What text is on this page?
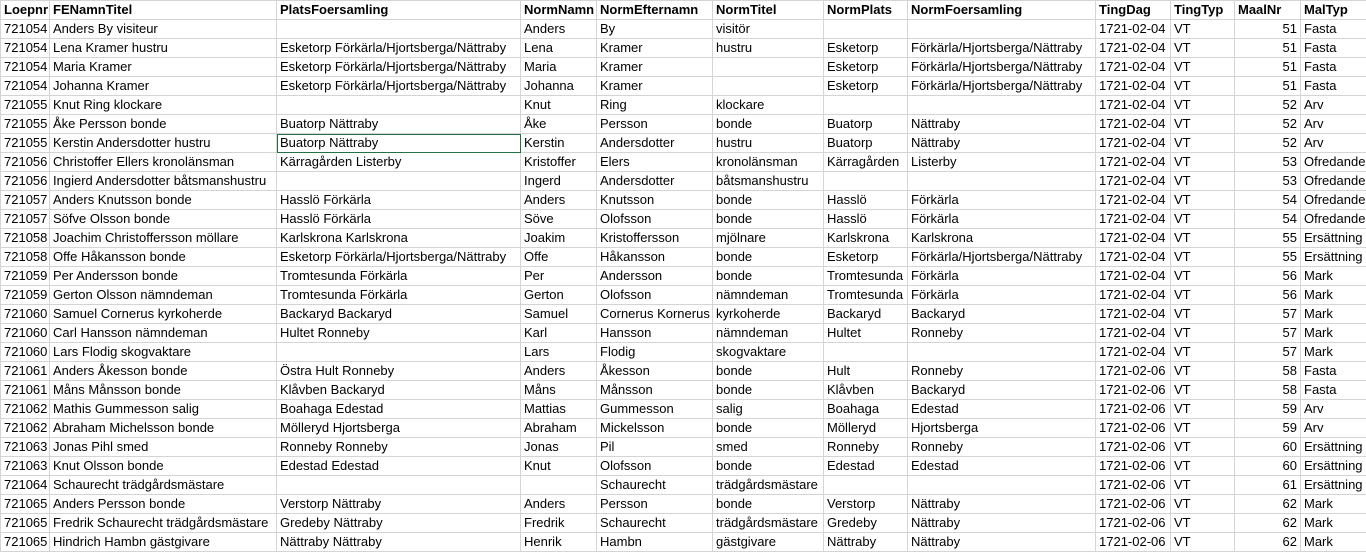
Loepnr	FENamnTitel	PlatsFoersamling	NormNamn	NormEfternamn	NormTitel	NormPlats	NormFoersamling	TingDag	TingTyp	MaalNr	MalTyp
721054	Anders By visiteur		Anders	By	visitör			1721-02-04	VT	51	Fasta
721054	Lena Kramer hustru	Esketorp Förkärla/Hjortsberga/Nättraby	Lena	Kramer	hustru	Esketorp	Förkärla/Hjortsberga/Nättraby	1721-02-04	VT	51	Fasta
721054	Maria Kramer	Esketorp Förkärla/Hjortsberga/Nättraby	Maria	Kramer		Esketorp	Förkärla/Hjortsberga/Nättraby	1721-02-04	VT	51	Fasta
721054	Johanna Kramer	Esketorp Förkärla/Hjortsberga/Nättraby	Johanna	Kramer		Esketorp	Förkärla/Hjortsberga/Nättraby	1721-02-04	VT	51	Fasta
721055	Knut Ring klockare		Knut	Ring	klockare			1721-02-04	VT	52	Arv
721055	Åke Persson bonde	Buatorp Nättraby	Åke	Persson	bonde	Buatorp	Nättraby	1721-02-04	VT	52	Arv
721055	Kerstin Andersdotter hustru	Buatorp Nättraby	Kerstin	Andersdotter	hustru	Buatorp	Nättraby	1721-02-04	VT	52	Arv
721056	Christoffer Ellers kronolänsman	Kärragården Listerby	Kristoffer	Elers	kronolänsman	Kärragården	Listerby	1721-02-04	VT	53	Ofredande
721056	Ingierd Andersdotter båtsmanshustru		Ingerd	Andersdotter	båtsmanshustru			1721-02-04	VT	53	Ofredande
721057	Anders Knutsson bonde	Hasslö Förkärla	Anders	Knutsson	bonde	Hasslö	Förkärla	1721-02-04	VT	54	Ofredande
721057	Söfve Olsson bonde	Hasslö Förkärla	Söve	Olofsson	bonde	Hasslö	Förkärla	1721-02-04	VT	54	Ofredande
721058	Joachim Christoffersson möllare	Karlskrona Karlskrona	Joakim	Kristoffersson	mjölnare	Karlskrona	Karlskrona	1721-02-04	VT	55	Ersättning
721058	Offe Håkansson bonde	Esketorp Förkärla/Hjortsberga/Nättraby	Offe	Håkansson	bonde	Esketorp	Förkärla/Hjortsberga/Nättraby	1721-02-04	VT	55	Ersättning
721059	Per Andersson bonde	Tromtesunda Förkärla	Per	Andersson	bonde	Tromtesunda	Förkärla	1721-02-04	VT	56	Mark
721059	Gerton Olsson nämndeman	Tromtesunda Förkärla	Gerton	Olofsson	nämndeman	Tromtesunda	Förkärla	1721-02-04	VT	56	Mark
721060	Samuel Cornerus kyrkoherde	Backaryd Backaryd	Samuel	Cornerus Kornerus	kyrkoherde	Backaryd	Backaryd	1721-02-04	VT	57	Mark
721060	Carl Hansson nämndeman	Hultet Ronneby	Karl	Hansson	nämndeman	Hultet	Ronneby	1721-02-04	VT	57	Mark
721060	Lars Flodig skogvaktare		Lars	Flodig	skogvaktare			1721-02-04	VT	57	Mark
721061	Anders Åkesson bonde	Östra Hult Ronneby	Anders	Åkesson	bonde	Hult	Ronneby	1721-02-06	VT	58	Fasta
721061	Måns Månsson bonde	Klåvben Backaryd	Måns	Månsson	bonde	Klåvben	Backaryd	1721-02-06	VT	58	Fasta
721062	Mathis Gummesson salig	Boahaga Edestad	Mattias	Gummesson	salig	Boahaga	Edestad	1721-02-06	VT	59	Arv
721062	Abraham Michelsson bonde	Mölleryd Hjortsberga	Abraham	Mickelsson	bonde	Mölleryd	Hjortsberga	1721-02-06	VT	59	Arv
721063	Jonas Pihl smed	Ronneby Ronneby	Jonas	Pil	smed	Ronneby	Ronneby	1721-02-06	VT	60	Ersättning
721063	Knut Olsson bonde	Edestad Edestad	Knut	Olofsson	bonde	Edestad	Edestad	1721-02-06	VT	60	Ersättning
721064	Schaurecht trädgårdsmästare			Schaurecht	trädgårdsmästare			1721-02-06	VT	61	Ersättning
721065	Anders Persson bonde	Verstorp Nättraby	Anders	Persson	bonde	Verstorp	Nättraby	1721-02-06	VT	62	Mark
721065	Fredrik Schaurecht trädgårdsmästare	Gredeby Nättraby	Fredrik	Schaurecht	trädgårdsmästare	Gredeby	Nättraby	1721-02-06	VT	62	Mark
721065	Hindrich Hambn gästgivare	Nättraby Nättraby	Henrik	Hambn	gästgivare	Nättraby	Nättraby	1721-02-06	VT	62	Mark
